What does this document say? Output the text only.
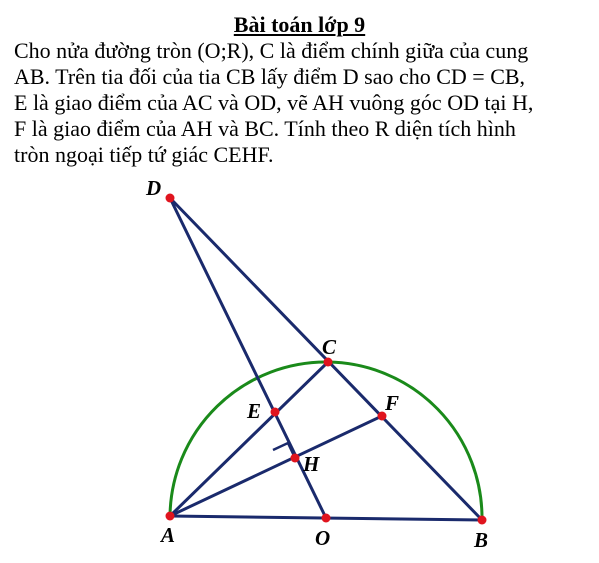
Bài toán lớp 9
Cho nửa đường tròn (O;R), C là điểm chính giữa của cung
AB. Trên tia đối của tia CB lấy điểm D sao cho CD = CB,
E là giao điểm của AC và OD, vẽ AH vuông góc OD tại H,
F là giao điểm của AH và BC. Tính theo R diện tích hình
tròn ngoại tiếp tứ giác CEHF.
D
C
E	F
H
A	O	B
